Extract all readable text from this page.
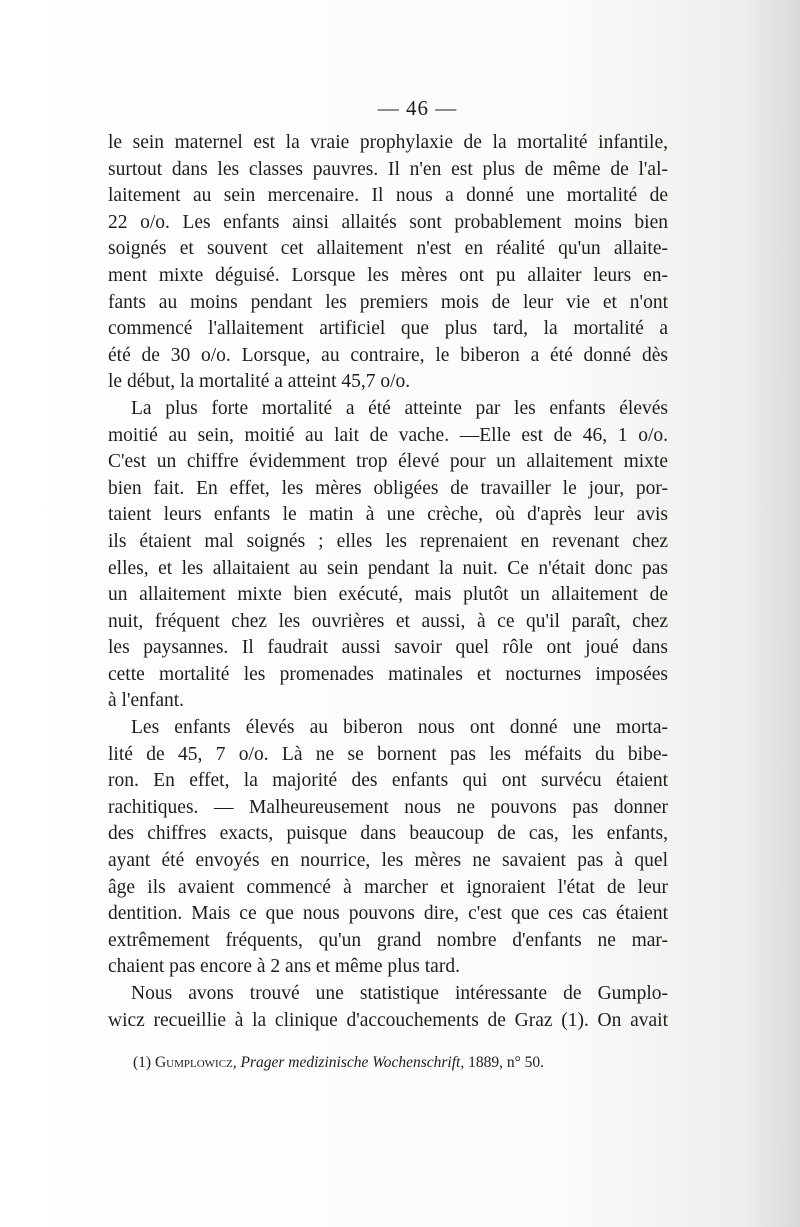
— 46 —
le sein maternel est la vraie prophylaxie de la mortalité infantile,
surtout dans les classes pauvres. Il n'en est plus de même de l'al-
laitement au sein mercenaire. Il nous a donné une mortalité de
22 o/o. Les enfants ainsi allaités sont probablement moins bien
soignés et souvent cet allaitement n'est en réalité qu'un allaite-
ment mixte déguisé. Lorsque les mères ont pu allaiter leurs en-
fants au moins pendant les premiers mois de leur vie et n'ont
commencé l'allaitement artificiel que plus tard, la mortalité a
été de 30 o/o. Lorsque, au contraire, le biberon a été donné dès
le début, la mortalité a atteint 45,7 o/o.
La plus forte mortalité a été atteinte par les enfants élevés
moitié au sein, moitié au lait de vache. —Elle est de 46, 1 o/o.
C'est un chiffre évidemment trop élevé pour un allaitement mixte
bien fait. En effet, les mères obligées de travailler le jour, por-
taient leurs enfants le matin à une crèche, où d'après leur avis
ils étaient mal soignés ; elles les reprenaient en revenant chez
elles, et les allaitaient au sein pendant la nuit. Ce n'était donc pas
un allaitement mixte bien exécuté, mais plutôt un allaitement de
nuit, fréquent chez les ouvrières et aussi, à ce qu'il paraît, chez
les paysannes. Il faudrait aussi savoir quel rôle ont joué dans
cette mortalité les promenades matinales et nocturnes imposées
à l'enfant.
Les enfants élevés au biberon nous ont donné une morta-
lité de 45, 7 o/o. Là ne se bornent pas les méfaits du bibe-
ron. En effet, la majorité des enfants qui ont survécu étaient
rachitiques. — Malheureusement nous ne pouvons pas donner
des chiffres exacts, puisque dans beaucoup de cas, les enfants,
ayant été envoyés en nourrice, les mères ne savaient pas à quel
âge ils avaient commencé à marcher et ignoraient l'état de leur
dentition. Mais ce que nous pouvons dire, c'est que ces cas étaient
extrêmement fréquents, qu'un grand nombre d'enfants ne mar-
chaient pas encore à 2 ans et même plus tard.
Nous avons trouvé une statistique intéressante de Gumplo-
wicz recueillie à la clinique d'accouchements de Graz (1). On avait
(1) Gumplowicz, Prager medizinische Wochenschrift, 1889, n° 50.
